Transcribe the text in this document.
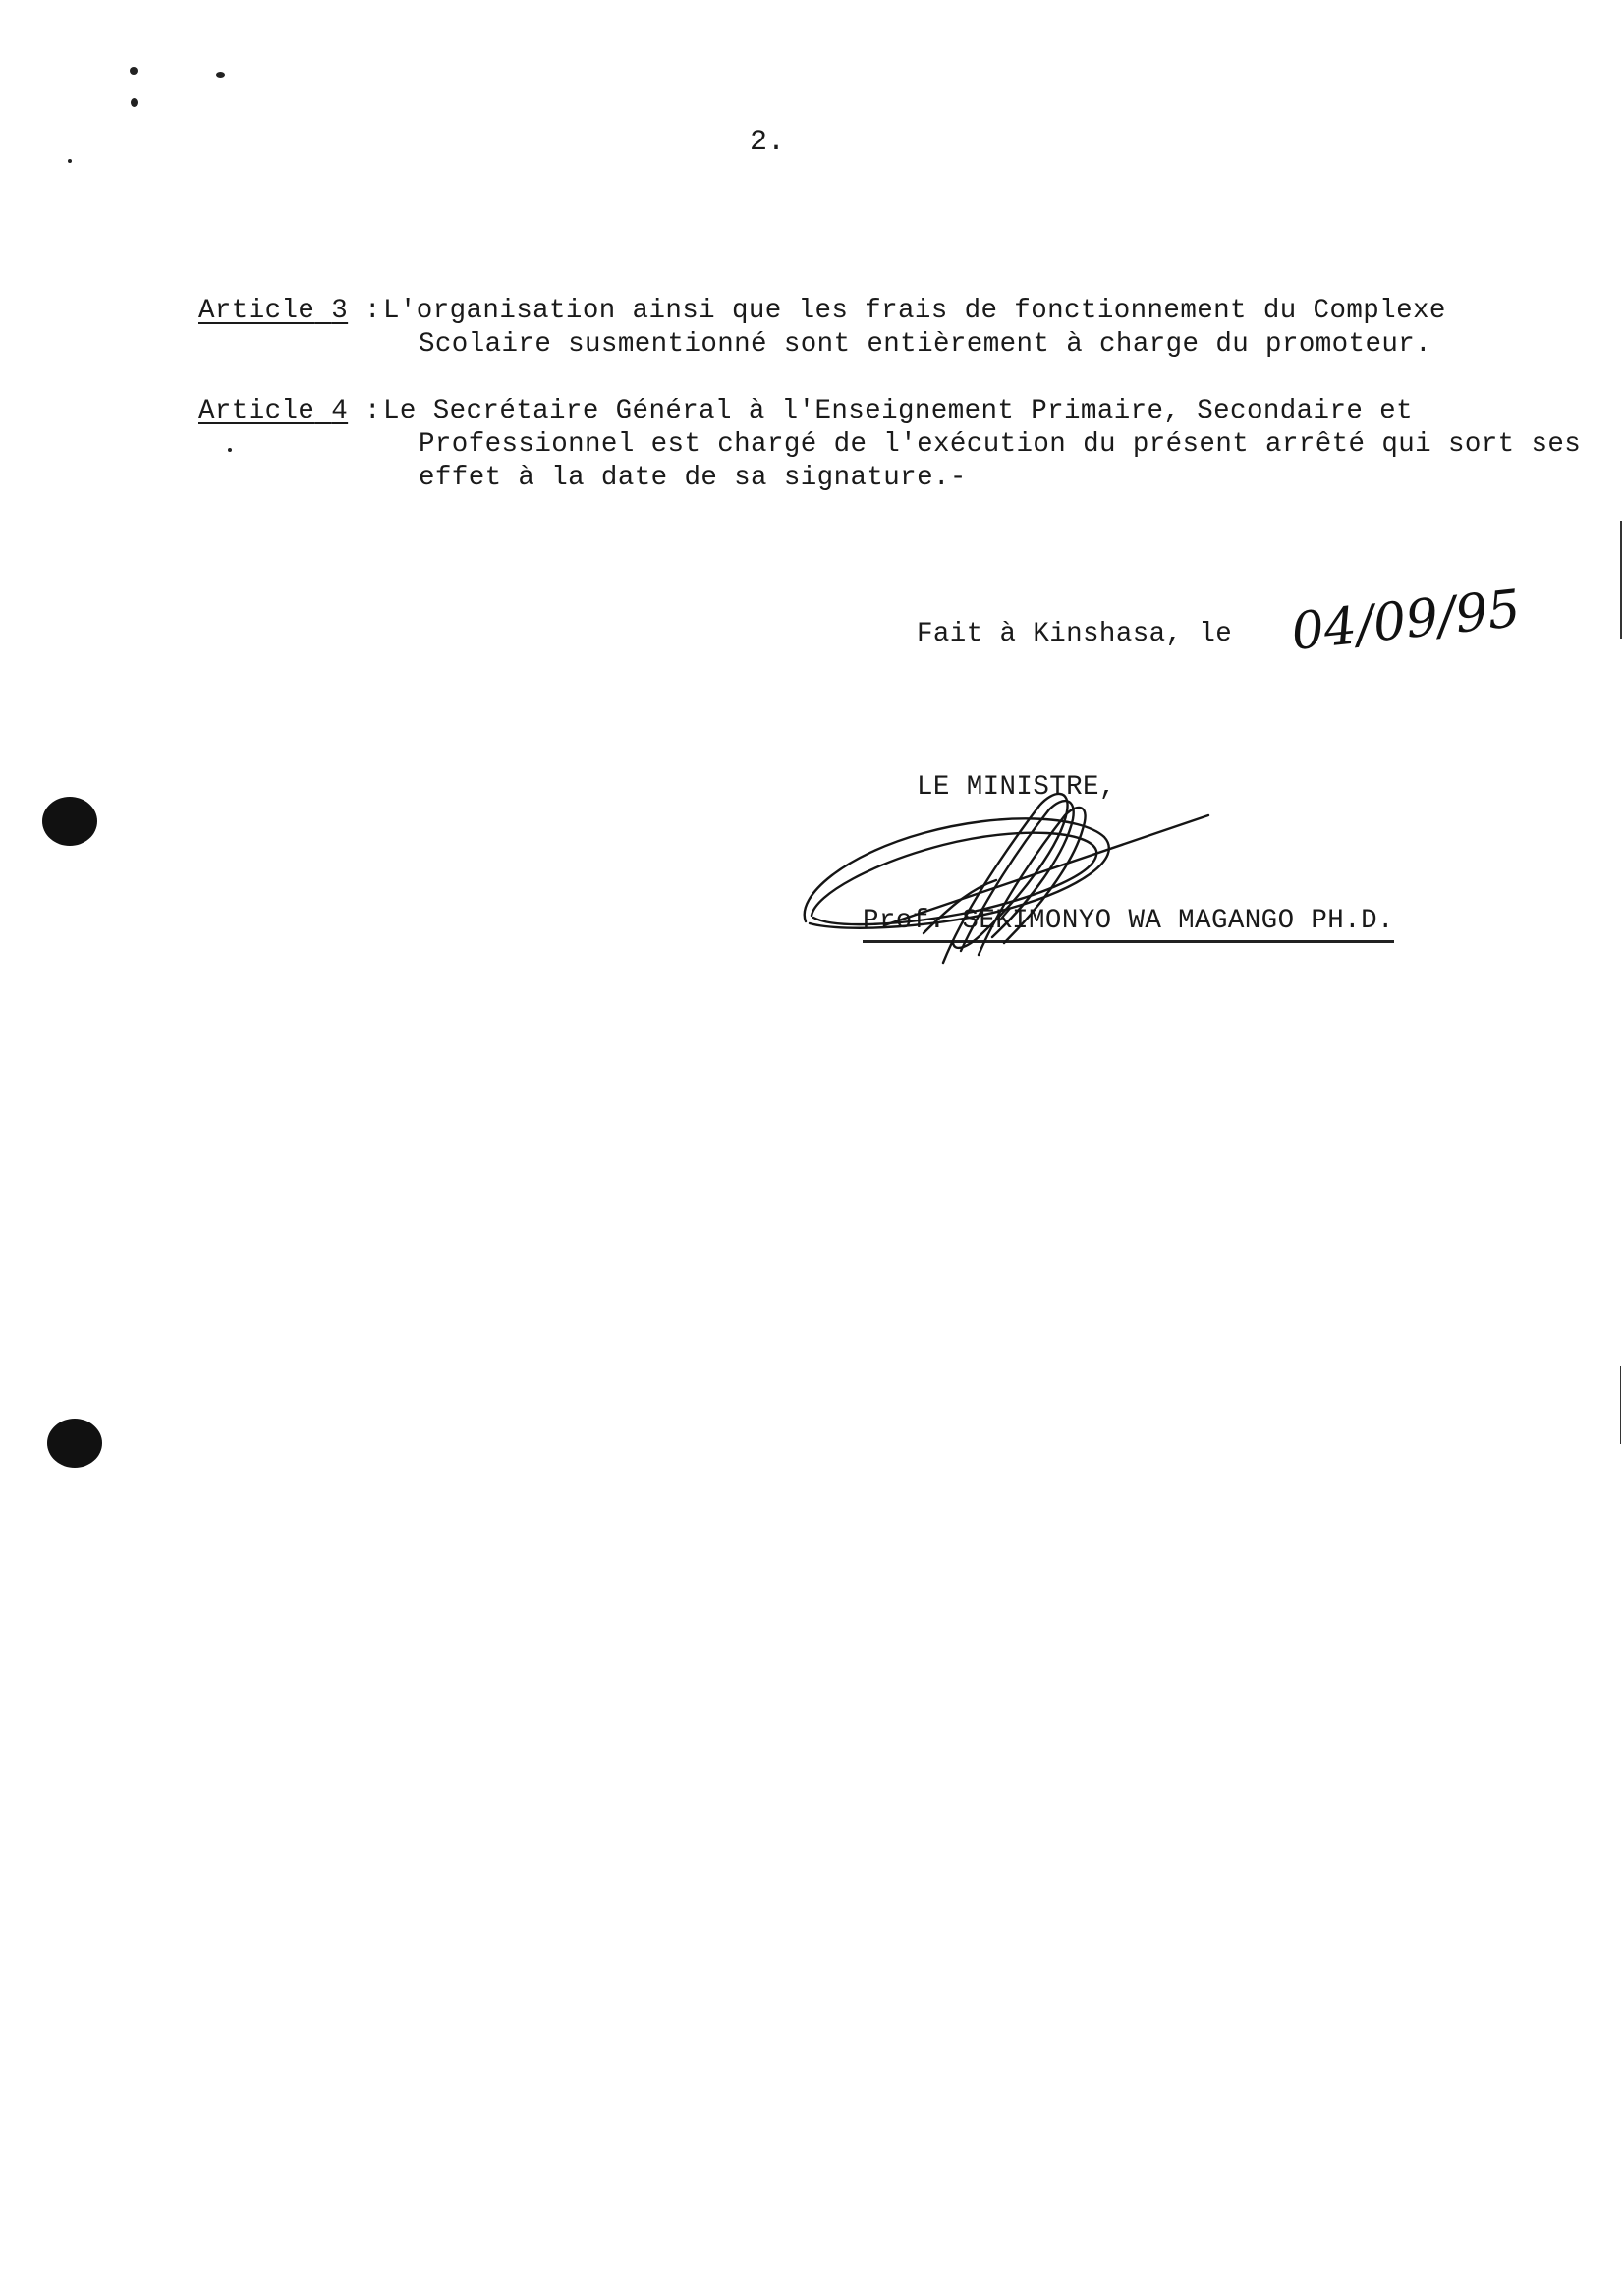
2.
Article 3 : L'organisation ainsi que les frais de fonctionnement du Complexe Scolaire susmentionné sont entièrement à charge du promoteur.
Article 4 : Le Secrétaire Général à l'Enseignement Primaire, Secondaire et Professionnel est chargé de l'exécution du présent arrêté qui sort ses effet à la date de sa signature.-
Fait à Kinshasa, le 04/09/95
LE MINISTRE,
Prof. SEKIMONYO WA MAGANGO PH.D.
